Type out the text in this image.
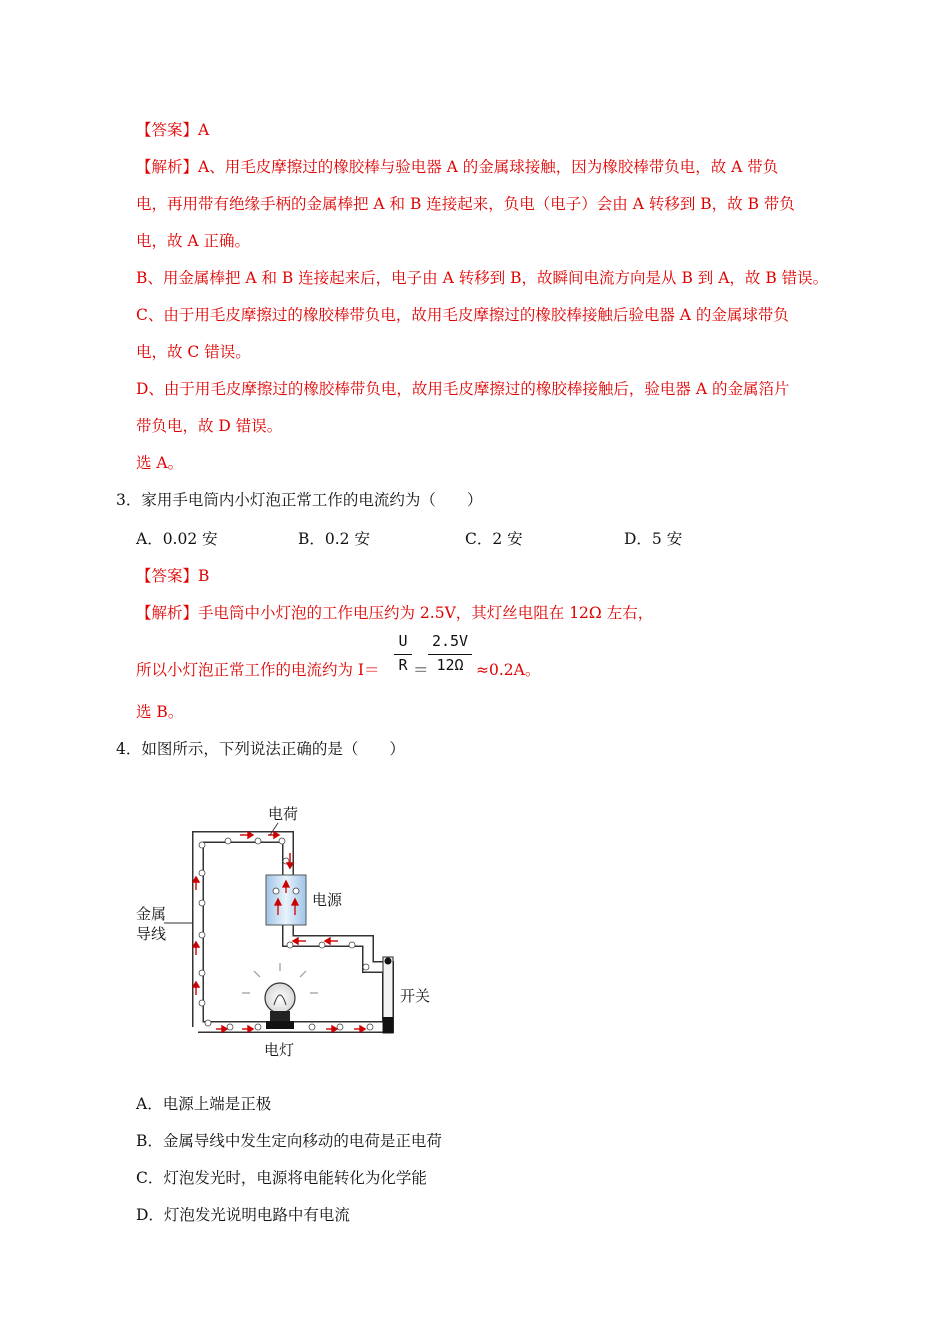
【答案】A
【解析】A、用毛皮摩擦过的橡胶棒与验电器 A 的金属球接触，因为橡胶棒带负电，故 A 带负
电，再用带有绝缘手柄的金属棒把 A 和 B 连接起来，负电（电子）会由 A 转移到 B，故 B 带负
电，故 A 正确。
B、用金属棒把 A 和 B 连接起来后，电子由 A 转移到 B，故瞬间电流方向是从 B 到 A，故 B 错误。
C、由于用毛皮摩擦过的橡胶棒带负电，故用毛皮摩擦过的橡胶棒接触后验电器 A 的金属球带负
电，故 C 错误。
D、由于用毛皮摩擦过的橡胶棒带负电，故用毛皮摩擦过的橡胶棒接触后，验电器 A 的金属箔片
带负电，故 D 错误。
选 A。
3．家用手电筒内小灯泡正常工作的电流约为（　　）
A．0.02 安	B．0.2 安	C．2 安	D．5 安
【答案】B
【解析】手电筒中小灯泡的工作电压约为 2.5V，其灯丝电阻在 12Ω 左右，
所以小灯泡正常工作的电流约为 I＝
U
R ＝
2.5V
12Ω ≈0.2A。
选 B。
4．如图所示，下列说法正确的是（　　）
电荷
电源
金属
导线
开关
电灯
A．电源上端是正极
B．金属导线中发生定向移动的电荷是正电荷
C．灯泡发光时，电源将电能转化为化学能
D．灯泡发光说明电路中有电流
